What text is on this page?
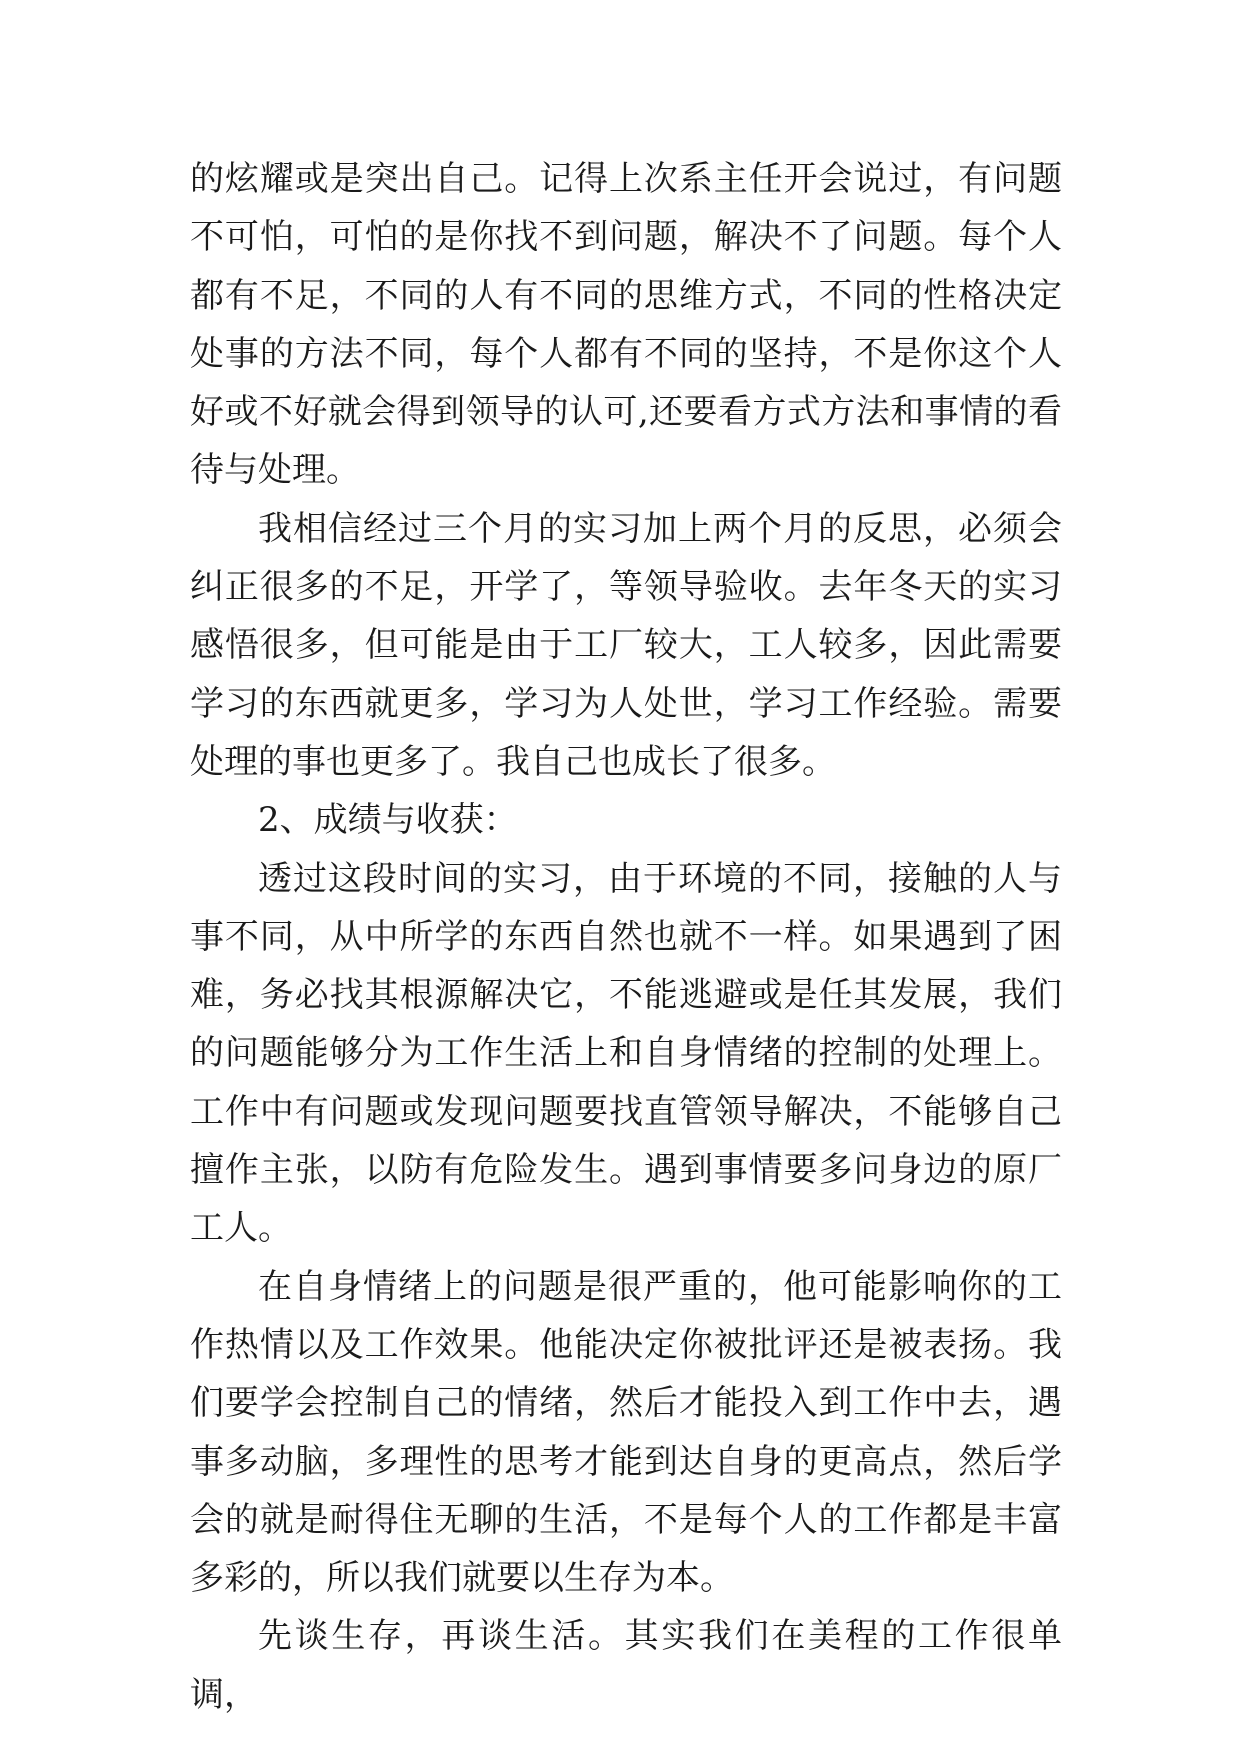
的炫耀或是突出自己。记得上次系主任开会说过，有问题不可怕，可怕的是你找不到问题，解决不了问题。每个人都有不足，不同的人有不同的思维方式，不同的性格决定处事的方法不同，每个人都有不同的坚持，不是你这个人好或不好就会得到领导的认可,还要看方式方法和事情的看待与处理。

我相信经过三个月的实习加上两个月的反思，必须会纠正很多的不足，开学了，等领导验收。去年冬天的实习感悟很多，但可能是由于工厂较大，工人较多，因此需要学习的东西就更多，学习为人处世，学习工作经验。需要处理的事也更多了。我自己也成长了很多。

2、成绩与收获：

透过这段时间的实习，由于环境的不同，接触的人与事不同，从中所学的东西自然也就不一样。如果遇到了困难，务必找其根源解决它，不能逃避或是任其发展，我们的问题能够分为工作生活上和自身情绪的控制的处理上。工作中有问题或发现问题要找直管领导解决，不能够自己擅作主张，以防有危险发生。遇到事情要多问身边的原厂工人。

在自身情绪上的问题是很严重的，他可能影响你的工作热情以及工作效果。他能决定你被批评还是被表扬。我们要学会控制自己的情绪，然后才能投入到工作中去，遇事多动脑，多理性的思考才能到达自身的更高点，然后学会的就是耐得住无聊的生活，不是每个人的工作都是丰富多彩的，所以我们就要以生存为本。

先谈生存，再谈生活。其实我们在美程的工作很单调，
